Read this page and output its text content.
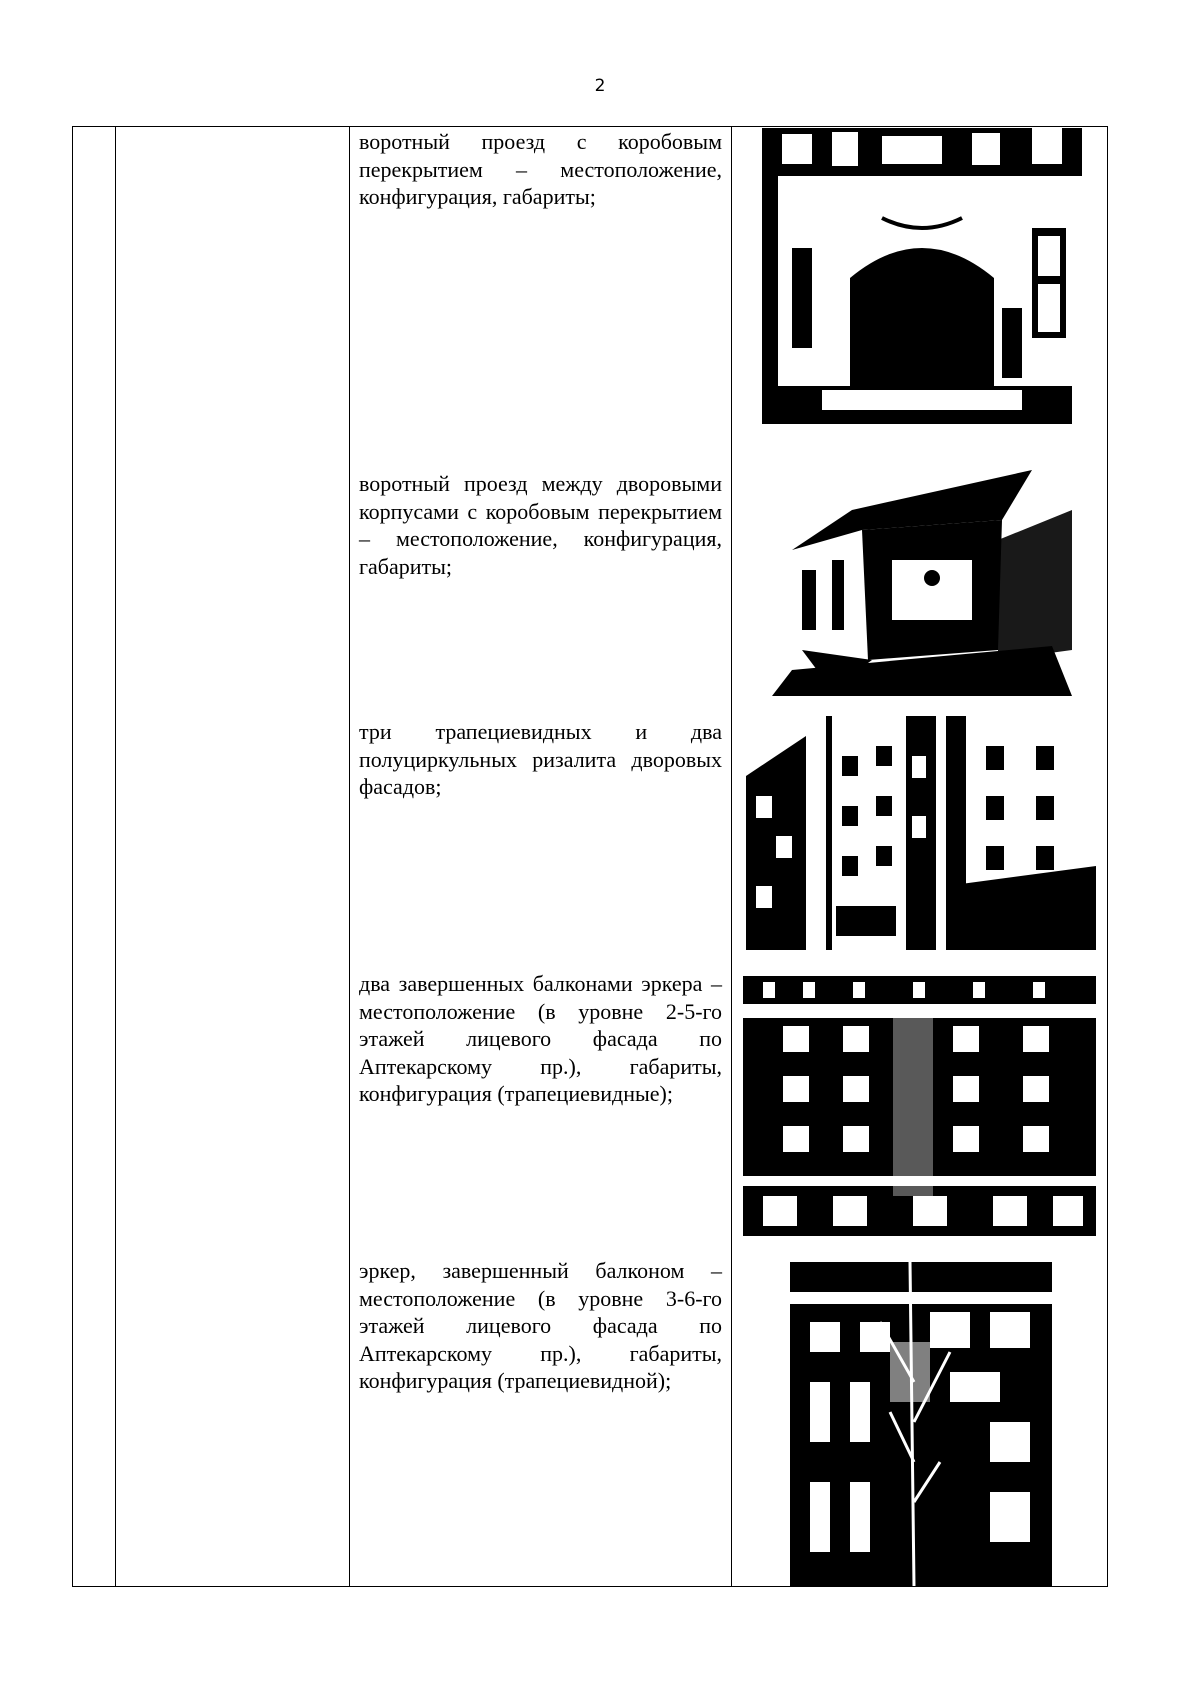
2
воротный проезд с коробовым перекрытием – местоположение, конфигурация, габариты;
воротный проезд между дворовыми корпусами с коробовым перекрытием – местоположение, конфигурация, габариты;
три трапециевидных и два полуциркульных ризалита дворовых фасадов;
два завершенных балконами эркера – местоположение (в уровне 2-5-го этажей лицевого фасада по Аптекарскому пр.), габариты, конфигурация (трапециевидные);
эркер, завершенный балконом – местоположение (в уровне 3-6-го этажей лицевого фасада по Аптекарскому пр.), габариты, конфигурация (трапециевидной);
